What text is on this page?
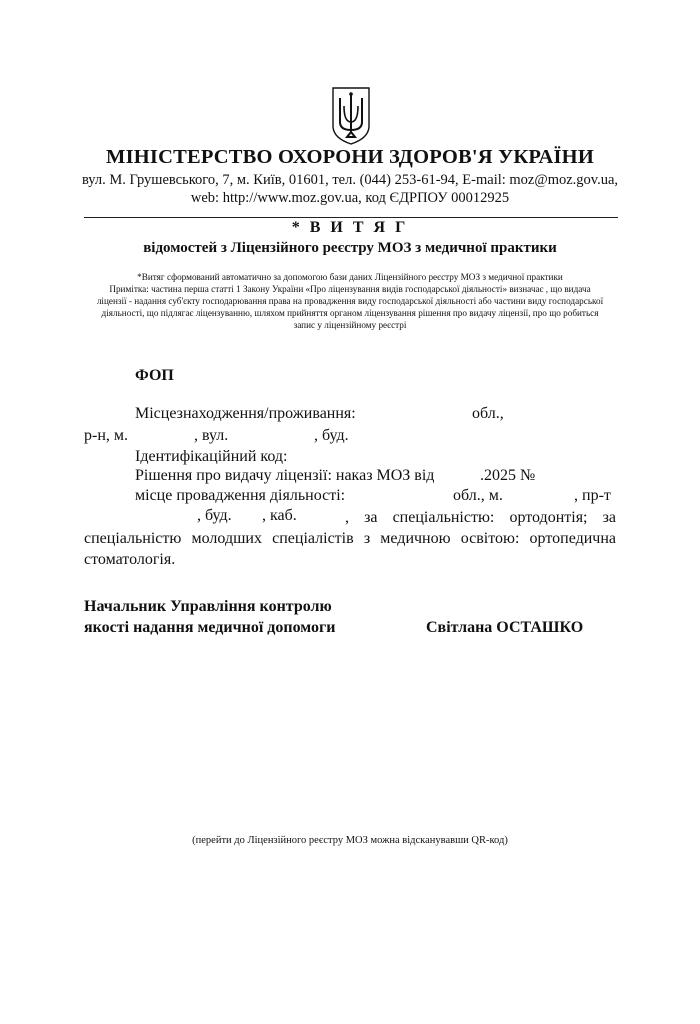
МІНІСТЕРСТВО ОХОРОНИ ЗДОРОВ'Я УКРАЇНИ
вул. М. Грушевського, 7, м. Київ, 01601, тел. (044) 253-61-94, E-mail: moz@moz.gov.ua,
web: http://www.moz.gov.ua, код ЄДРПОУ 00012925
* В И Т Я Г
відомостей з Ліцензійного реєстру МОЗ з медичної практики
*Витяг сформований автоматично за допомогою бази даних Ліцензійного реєстру МОЗ з медичної практики
Примітка: частина перша статті 1 Закону України «Про ліцензування видів господарської діяльності» визначає , що видача
ліцензії - надання суб'єкту господарювання права на провадження виду господарської діяльності або частини виду господарської
діяльності, що підлягає ліцензуванню, шляхом прийняття органом ліцензування рішення про видачу ліцензії, про що робиться
запис у ліцензійному реєстрі
ФОП
Місцезнаходження/проживання:	обл.,
р-н, м.	, вул.	, буд.
Ідентифікаційний код:
Рішення про видачу ліцензії: наказ МОЗ від	.2025 №
місце провадження діяльності:	обл., м.	, пр-т
, буд. , каб.	, за спеціальністю: ортодонтія; за спеціальністю молодших спеціалістів з медичною освітою: ортопедична стоматологія.
Начальник Управління контролю
якості надання медичної допомоги	Світлана ОСТАШКО
(перейти до Ліцензійного реєстру МОЗ можна відсканувавши QR-код)
